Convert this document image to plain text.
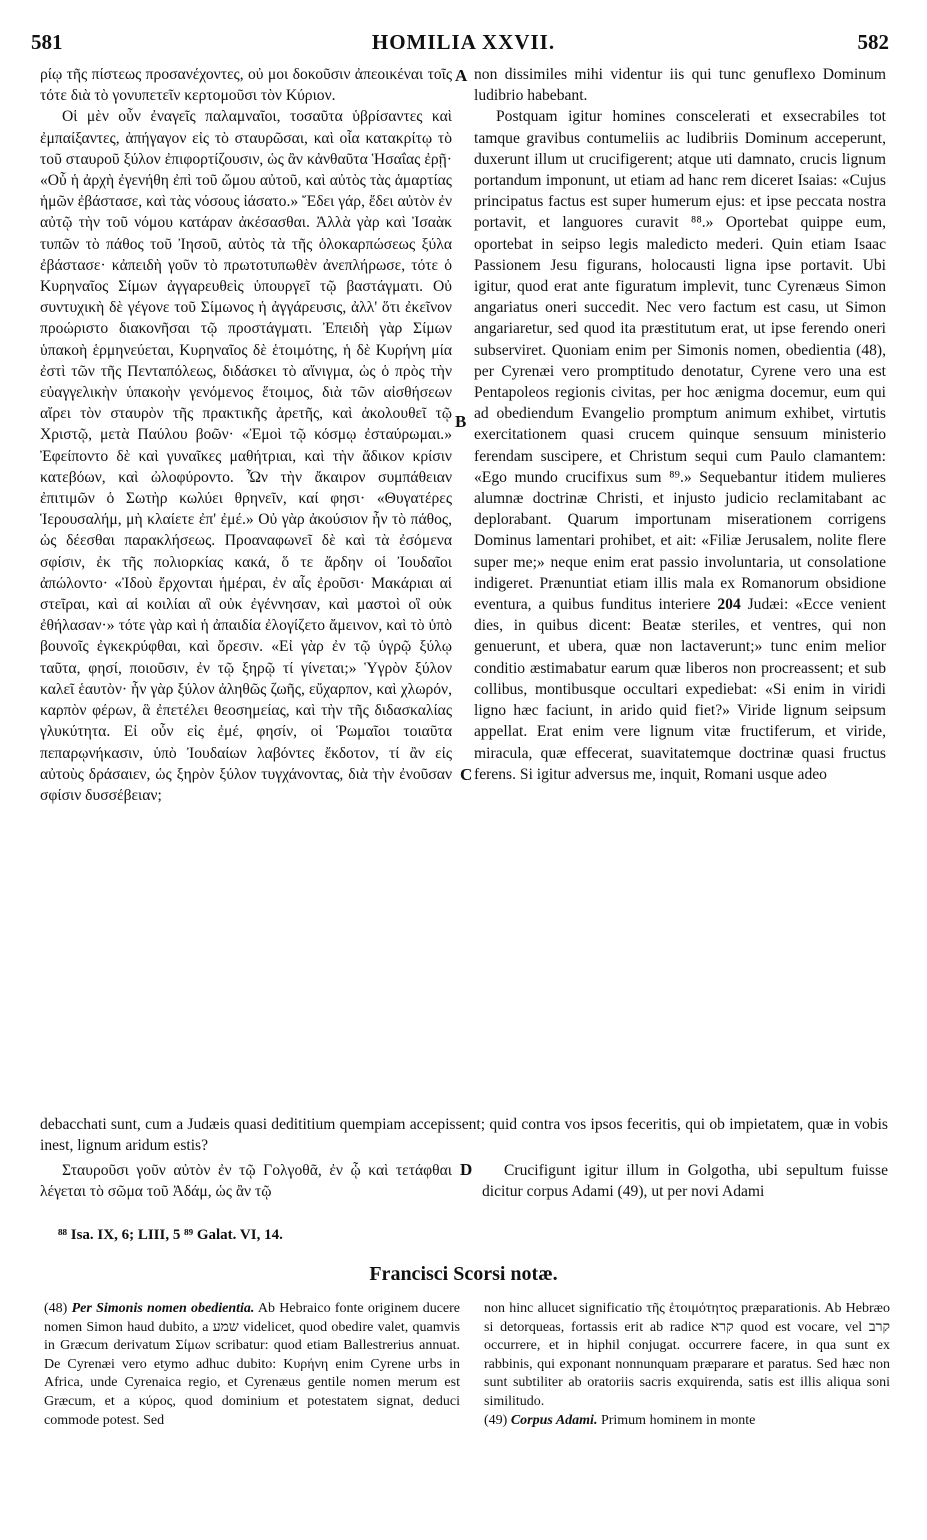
581	HOMILIA XXVII.	582

ρίῳ τῆς πίστεως προσανέχοντες, οὐ μοι δοκοῦσιν ἀπεοικέναι τοῖς τότε διὰ τὸ γονυπετεῖν κερτομοῦσι τὸν Κύριον.

Οἱ μὲν οὖν ἐναγεῖς παλαμναῖοι, τοσαῦτα ὑβρίσαντες καὶ ἐμπαίξαντες, ἀπήγαγον εἰς τὸ σταυρῶσαι, καὶ οἷα κατακρίτῳ τὸ τοῦ σταυροῦ ξύλον ἐπιφορτίζουσιν, ὡς ἂν κἀνθαῦτα Ἡσαΐας ἐρῇ· «Οὗ ἡ ἀρχὴ ἐγενήθη ἐπὶ τοῦ ὤμου αὐτοῦ, καὶ αὐτὸς τὰς ἁμαρτίας ἡμῶν ἐβάστασε, καὶ τὰς νόσους ἰάσατο.» Ἔδει γάρ, ἔδει αὐτὸν ἐν αὐτῷ τὴν τοῦ νόμου κατάραν ἀκέσασθαι. Ἀλλὰ γὰρ καὶ Ἰσαὰκ τυπῶν τὸ πάθος τοῦ Ἰησοῦ, αὐτὸς τὰ τῆς ὁλοκαρπώσεως ξύλα ἐβάστασε· κἀπειδὴ γοῦν τὸ πρωτοτυπωθὲν ἀνεπλήρωσε, τότε ὁ Κυρηναῖος Σίμων ἀγγαρευθεὶς ὑπουργεῖ τῷ βαστάγματι. Οὐ συντυχικὴ δὲ γέγονε τοῦ Σίμωνος ἡ ἀγγάρευσις, ἀλλ' ὅτι ἐκεῖνον προώριστο διακονῆσαι τῷ προστάγματι. Ἐπειδὴ γὰρ Σίμων ὑπακοὴ ἑρμηνεύεται, Κυρηναῖος δὲ ἑτοιμότης, ἡ δὲ Κυρήνη μία ἐστὶ τῶν τῆς Πενταπόλεως, διδάσκει τὸ αἴνιγμα, ὡς ὁ πρὸς τὴν εὐαγγελικὴν ὑπακοὴν γενόμενος ἕτοιμος, διὰ τῶν αἰσθήσεων αἴρει τὸν σταυρὸν τῆς πρακτικῆς ἀρετῆς, καὶ ἀκολουθεῖ τῷ Χριστῷ, μετὰ Παύλου βοῶν· «Ἐμοὶ τῷ κόσμῳ ἐσταύρωμαι.» Ἐφείποντο δὲ καὶ γυναῖκες μαθήτριαι, καὶ τὴν ἄδικον κρίσιν κατεβόων, καὶ ὠλοφύροντο. Ὧν τὴν ἄκαιρον συμπάθειαν ἐπιτιμῶν ὁ Σωτὴρ κωλύει θρηνεῖν, καί φησι· «Θυγατέρες Ἱερουσαλήμ, μὴ κλαίετε ἐπ' ἐμέ.» Οὐ γὰρ ἀκούσιον ἦν τὸ πάθος, ὡς δέεσθαι παρακλήσεως. Προαναφωνεῖ δὲ καὶ τὰ ἐσόμενα σφίσιν, ἐκ τῆς πολιορκίας κακά, ὅ τε ἄρδην οἱ Ἰουδαῖοι ἀπώλοντο· «Ἰδοὺ ἔρχονται ἡμέραι, ἐν αἷς ἐροῦσι· Μακάριαι αἱ στεῖραι, καὶ αἱ κοιλίαι αἳ οὐκ ἐγέννησαν, καὶ μαστοὶ οἳ οὐκ ἐθήλασαν·» τότε γὰρ καὶ ἡ ἀπαιδία ἐλογίζετο ἄμεινον, καὶ τὸ ὑπὸ βουνοῖς ἐγκεκρύφθαι, καὶ ὄρεσιν. «Εἰ γὰρ ἐν τῷ ὑγρῷ ξύλῳ ταῦτα, φησί, ποιοῦσιν, ἐν τῷ ξηρῷ τί γίνεται;» Ὑγρὸν ξύλον καλεῖ ἑαυτὸν· ἦν γὰρ ξύλον ἀληθῶς ζωῆς, εὔχαρπον, καὶ χλωρόν, καρπὸν φέρων, ἃ ἐπετέλει θεοσημείας, καὶ τὴν τῆς διδασκαλίας γλυκύτητα. Εἰ οὖν εἰς ἐμέ, φησίν, οἱ Ῥωμαῖοι τοιαῦτα πεπαρῳνήκασιν, ὑπὸ Ἰουδαίων λαβόντες ἔκδοτον, τί ἂν εἰς αὐτοὺς δράσαιεν, ὡς ξηρὸν ξύλον τυγχάνοντας, διὰ τὴν ἐνοῦσαν σφίσιν δυσσέβειαν;

non dissimiles mihi videntur iis qui tunc genuflexo Dominum ludibrio habebant.

Postquam igitur homines consceleratі et exsecrabiles tot tamque gravibus contumeliis ac ludibriis Dominum acceperunt, duxerunt illum ut crucifigerent; atque uti damnato, crucis lignum portandum imponunt, ut etiam ad hanc rem diceret Isaias: «Cujus principatus factus est super humerum ejus: et ipse peccata nostra portavit, et languores curavit ⁸⁸.» Oportebat quippe eum, oportebat in seipso legis maledicto mederi. Quin etiam Isaac Passionem Jesu figurans, holocausti ligna ipse portavit. Ubi igitur, quod erat ante figuratum implevit, tunc Cyrenæus Simon angariatus oneri succedit. Nec vero factum est casu, ut Simon angariaretur, sed quod ita præstitutum erat, ut ipse ferendo oneri subserviret. Quoniam enim per Simonis nomen, obedientia (48), per Cyrenæi vero promptitudo denotatur, Cyrene vero una est Pentapoleos regionis civitas, per hoc ænigma docemur, eum qui ad obediendum Evangelio promptum animum exhibet, virtutis exercitationem quasi crucem quinque sensuum ministerio ferendam suscipere, et Christum sequi cum Paulo clamantem: «Ego mundo crucifixus sum ⁸⁹.» Sequebantur itidem mulieres alumnæ doctrinæ Christi, et injusto judicio reclamitabant ac deplorabant. Quarum importunam miserationem corrigens Dominus lamentari prohibet, et ait: «Filiæ Jerusalem, nolite flere super me;» neque enim erat passio involuntaria, ut consolatione indigeret. Prænuntiat etiam illis mala ex Romanorum obsidione eventura, a quibus funditus interiere 204 Judæi: «Ecce venient dies, in quibus dicent: Beatæ steriles, et ventres, qui non genuerunt, et ubera, quæ non lactaverunt;» tunc enim melior conditio æstimabatur earum quæ liberos non procreassent; et sub collibus, montibusque occultari expediebat: «Si enim in viridi ligno hæc faciunt, in arido quid fiet?» Viride lignum seipsum appellat. Erat enim vere lignum vitæ fructiferum, et viride, miracula, quæ effecerat, suavitatemque doctrinæ quasi fructus ferens. Si igitur adversus me, inquit, Romani usque adeo

A
B
C
D

debacchati sunt, cum a Judæis quasi dedititium quempiam accepissent; quid contra vos ipsos feceritis, qui ob impietatem, quæ in vobis inest, lignum aridum estis?

Σταυροῦσι γοῦν αὐτὸν ἐν τῷ Γολγοθᾶ, ἐν ᾧ καὶ τετάφθαι λέγεται τὸ σῶμα τοῦ Ἀδάμ, ὡς ἂν τῷ
Crucifigunt igitur illum in Golgotha, ubi sepultum fuisse dicitur corpus Adami (49), ut per novi Adami
⁸⁸ Isa. IX, 6; LIII, 5 ⁸⁹ Galat. VI, 14.
Francisci Scorsi notæ.

(48) Per Simonis nomen obedientia. Ab Hebraico fonte originem ducere nomen Simon haud dubito, a שמע videlicet, quod obedire valet, quamvis in Græcum derivatum Σίμων scribatur: quod etiam Ballestrerius annuat. De Cyrenæi vero etymo adhuc dubito: Κυρήνη enim Cyrene urbs in Africa, unde Cyrenaica regio, et Cyrenæus gentile nomen merum est Græcum, et a κύρος, quod dominium et potestatem signat, deduci commode potest. Sed

non hinc allucet significatio τῆς ἑτοιμότητος præparationis. Ab Hebræo si detorqueas, fortassis erit ab radice קרא quod est vocare, vel קרב occurrere, et in hiphil conjugat. occurrere facere, in qua sunt ex rabbinis, qui exponant nonnunquam præparare et paratus. Sed hæc non sunt subtiliter ab oratoriis sacris exquirenda, satis est illis aliqua soni similitudo.

(49) Corpus Adami. Primum hominem in monte
